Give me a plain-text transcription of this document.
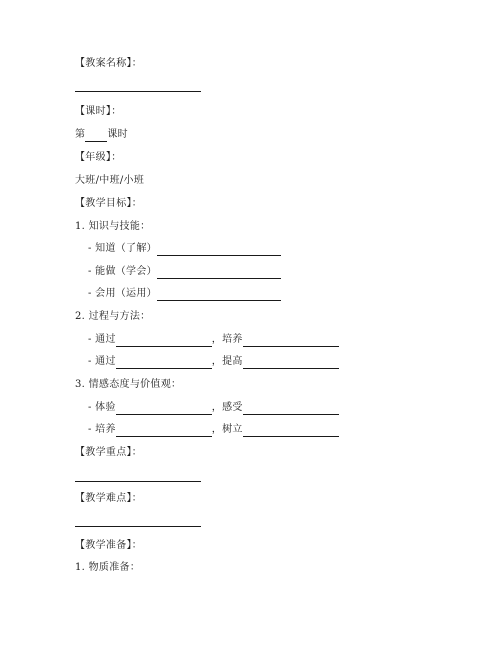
【教案名称】：
【课时】：
第 课时
【年级】：
大班/中班/小班
【教学目标】：
1. 知识与技能：
- 知道（了解）
- 能做（学会）
- 会用（运用）
2. 过程与方法：
- 通过	，培养
- 通过	，提高
3. 情感态度与价值观：
- 体验	，感受
- 培养	，树立
【教学重点】：
【教学难点】：
【教学准备】：
1. 物质准备：
